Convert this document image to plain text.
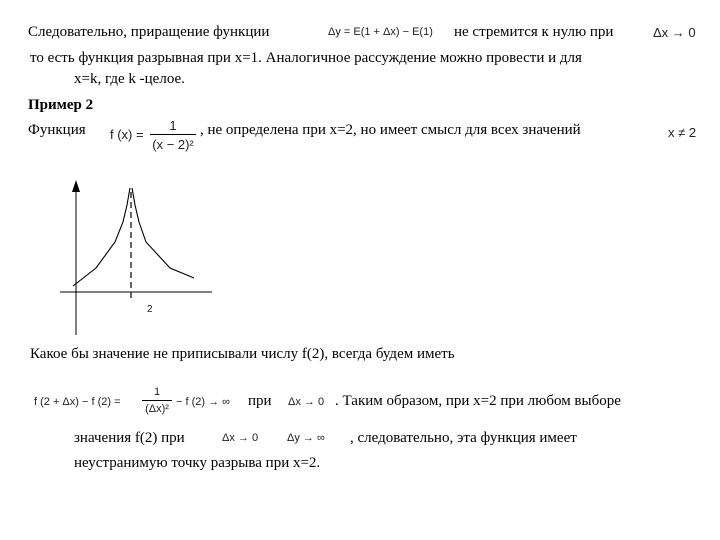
Следовательно, приращение функции	Δy = E(1 + Δx) − E(1) не стремится к нулю при	Δx → 0
то есть функция разрывная при x=1. Аналогичное рассуждение можно провести и для
x=k, где k -целое.
Пример 2
Функция f (x) =
1
(x − 2)²
, не определена при x=2, но имеет смысл для всех значений	x ≠ 2
2
Какое бы значение не приписывали числу f(2), всегда будем иметь
f (2 + Δx) − f (2) =
1
(Δx)²
− f (2) → ∞ при Δx → 0 . Таким образом, при x=2 при любом выборе
значения f(2) при	Δx → 0	Δy → ∞ , следовательно, эта функция имеет
неустранимую точку разрыва при x=2.
